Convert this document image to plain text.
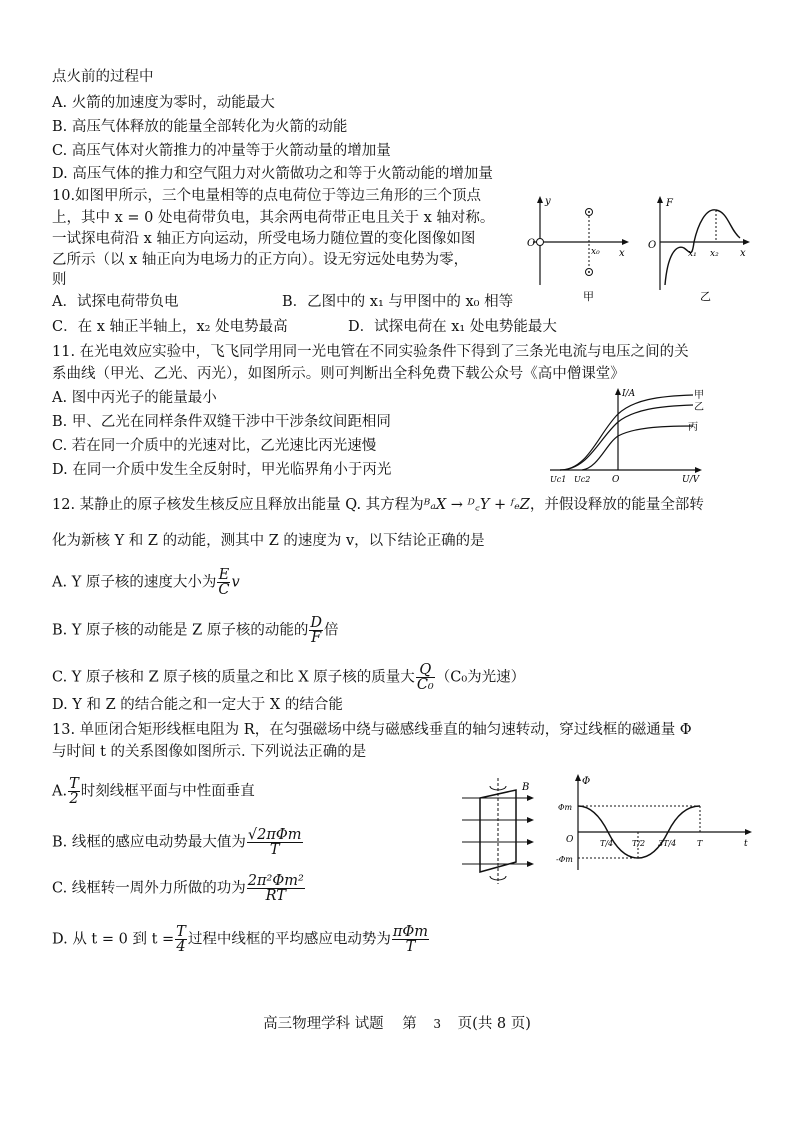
点火前的过程中
A. 火箭的加速度为零时，动能最大
B. 高压气体释放的能量全部转化为火箭的动能
C. 高压气体对火箭推力的冲量等于火箭动量的增加量
D. 高压气体的推力和空气阻力对火箭做功之和等于火箭动能的增加量
10.如图甲所示，三个电量相等的点电荷位于等边三角形的三个顶点
上，其中 x = 0 处电荷带负电，其余两电荷带正电且关于 x 轴对称。
一试探电荷沿 x 轴正方向运动，所受电场力随位置的变化图像如图
乙所示（以 x 轴正向为电场力的正方向）。设无穷远处电势为零，
则
A．试探电荷带负电	B．乙图中的 x₁ 与甲图中的 x₀ 相等
C．在 x 轴正半轴上，x₂ 处电势最高	D．试探电荷在 x₁ 处电势能最大
y
x
x₀
O
甲
F
O
x₁ x₂ x
乙
11. 在光电效应实验中，飞飞同学用同一光电管在不同实验条件下得到了三条光电流与电压之间的关
系曲线（甲光、乙光、丙光），如图所示。则可判断出全科免费下载公众号《高中僧课堂》
A. 图中丙光子的能量最小
B. 甲、乙光在同样条件双缝干涉中干涉条纹间距相同
C. 若在同一介质中的光速对比，乙光速比丙光速慢
D. 在同一介质中发生全反射时，甲光临界角小于丙光
I/A
U/V
O
Uc1 Uc2
甲
乙
丙
12. 某静止的原子核发生核反应且释放出能量 Q. 其方程为ᴮₐX → ᴰ꜀Y + ᶠₑZ，并假设释放的能量全部转
化为新核 Y 和 Z 的动能，测其中 Z 的速度为 v，以下结论正确的是
A. Y 原子核的速度大小为 $\frac{E}{C}$ v
B. Y 原子核的动能是 Z 原子核的动能的 $\frac{D}{F}$ 倍
C. Y 原子核和 Z 原子核的质量之和比 X 原子核的质量大 $\frac{Q}{\text{C₀}} (C_0$为光速）
D. Y 和 Z 的结合能之和一定大于 X 的结合能
13. 单匝闭合矩形线框电阻为 R，在匀强磁场中绕与磁感线垂直的轴匀速转动，穿过线框的磁通量 Φ
与时间 t 的关系图像如图所示. 下列说法正确的是
A. $\frac{T}{2}$ 时刻线框平面与中性面垂直
B. 线框的感应电动势最大值为 $\frac{\text{√2πΦm}}{T}$
C. 线框转一周外力所做的功为 $\frac{\text{2π²Φm²}}{RT}$
D. 从 t = 0 到 $t = \frac{T}{4}$ 过程中线框的平均感应电动势为 $\frac{\text{πΦm}}{T}$
B
Φ
Φm
-Φm
O	T/4 T/2 3T/4	T	t
高三物理学科 试题 第 3 页(共 8 页)
